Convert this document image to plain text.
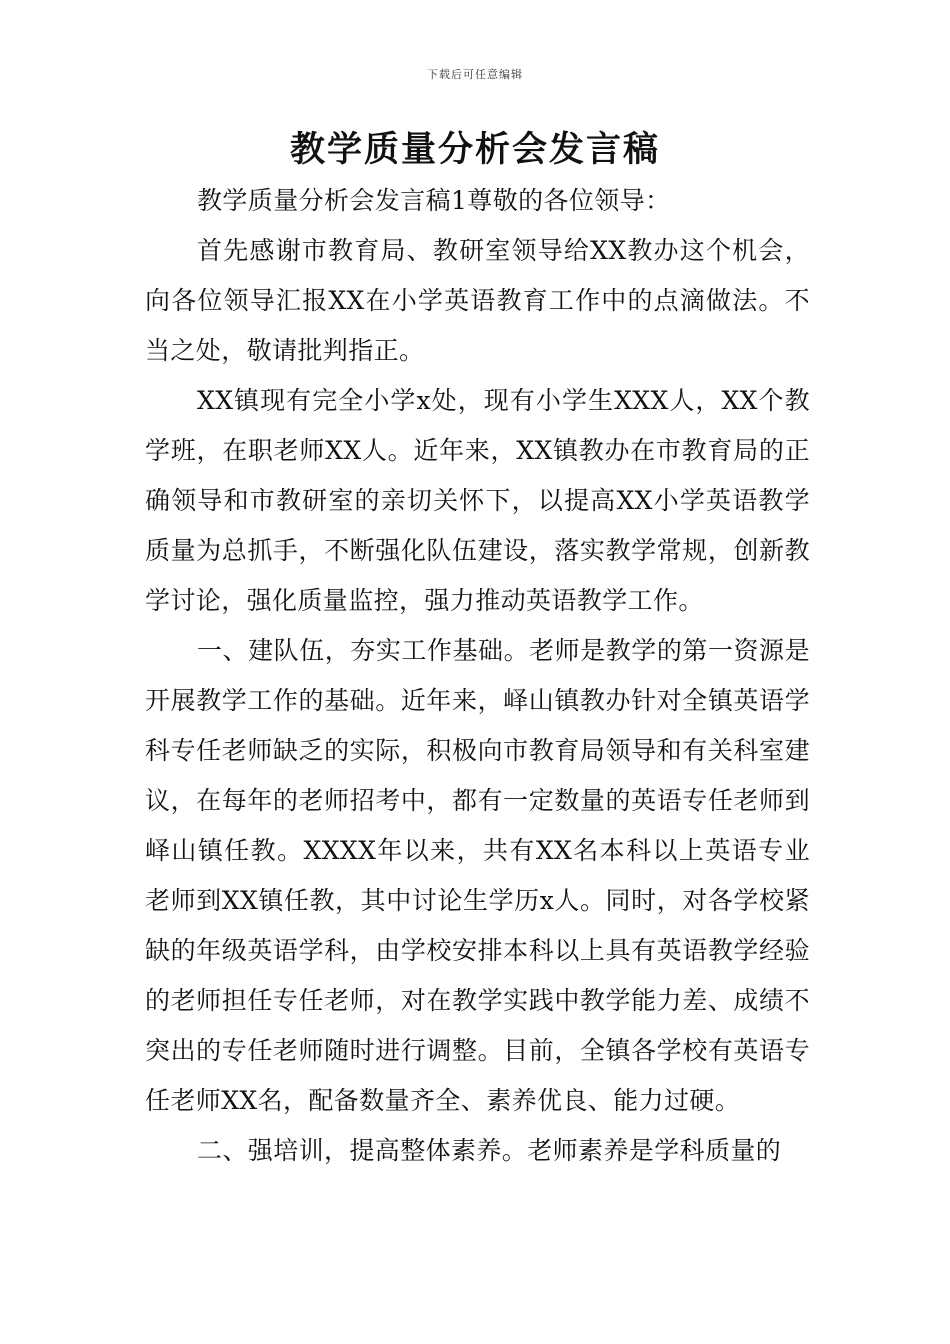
下载后可任意编辑
教学质量分析会发言稿

教学质量分析会发言稿1尊敬的各位领导：

首先感谢市教育局、教研室领导给XX教办这个机会，向各位领导汇报XX在小学英语教育工作中的点滴做法。不当之处，敬请批判指正。

XX镇现有完全小学x处，现有小学生XXX人，XX个教学班，在职老师XX人。近年来，XX镇教办在市教育局的正确领导和市教研室的亲切关怀下，以提高XX小学英语教学质量为总抓手，不断强化队伍建设，落实教学常规，创新教学讨论，强化质量监控，强力推动英语教学工作。

一、建队伍，夯实工作基础。老师是教学的第一资源是开展教学工作的基础。近年来，峄山镇教办针对全镇英语学科专任老师缺乏的实际，积极向市教育局领导和有关科室建议，在每年的老师招考中，都有一定数量的英语专任老师到峄山镇任教。XXXX年以来，共有XX名本科以上英语专业老师到XX镇任教，其中讨论生学历x人。同时，对各学校紧缺的年级英语学科，由学校安排本科以上具有英语教学经验的老师担任专任老师，对在教学实践中教学能力差、成绩不突出的专任老师随时进行调整。目前，全镇各学校有英语专任老师XX名，配备数量齐全、素养优良、能力过硬。

二、强培训，提高整体素养。老师素养是学科质量的
